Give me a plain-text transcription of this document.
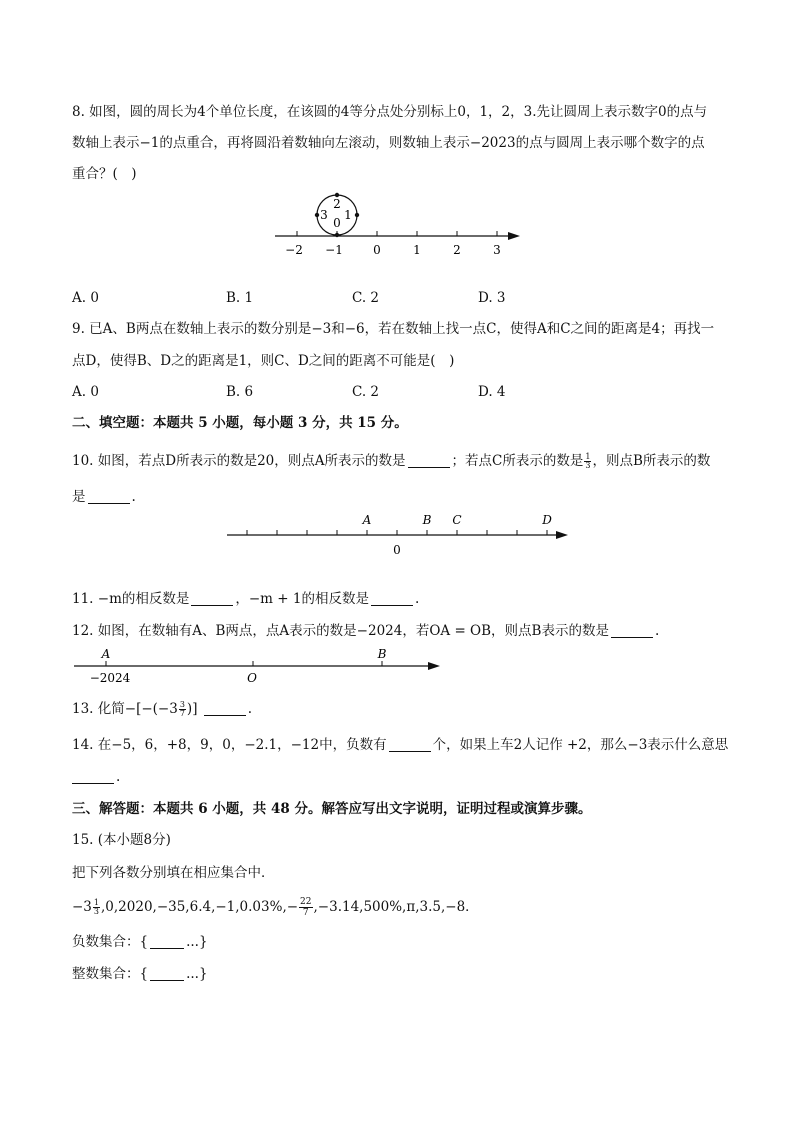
8. 如图，圆的周长为4个单位长度，在该圆的4等分点处分别标上0，1，2，3.先让圆周上表示数字0的点与
数轴上表示−1的点重合，再将圆沿着数轴向左滚动，则数轴上表示−2023的点与圆周上表示哪个数字的点
重合？(　)
2
1
0
3
−2 −1	0	1	2	3
A. 0	B. 1	C. 2	D. 3
9. 已A、B两点在数轴上表示的数分别是−3和−6，若在数轴上找一点C，使得A和C之间的距离是4；再找一
点D，使得B、D之的距离是1，则C、D之间的距离不可能是(　)
A. 0	B. 6	C. 2	D. 4
二、填空题：本题共 5 小题，每小题 3 分，共 15 分。
10. 如图，若点D所表示的数是20，则点A所表示的数是	；若点C所表示的数是 $\frac{1}{3}$ ，则点B所表示的数
是	.
A	B C	D
0
11. −m的相反数是	，−m + 1的相反数是	.
12. 如图，在数轴有A、B两点，点A表示的数是−2024，若OA = OB，则点B表示的数是	.
A	B
−2024	O
13. 化简$-[-(-3 \frac{3}{7}$ )]	.
14. 在−5，6，+8，9，0，−2.1，−12中，负数有	个，如果上车2人记作 +2，那么−3表示什么意思
.
三、解答题：本题共 6 小题，共 48 分。解答应写出文字说明，证明过程或演算步骤。
15. (本小题8分)
把下列各数分别填在相应集合中．
$-3 \frac{1}{3} ,0,2020,-35,6.4,-1,0.03\%,- \frac{22}{7} ,-3.14,500\%,\pi,3.5,-8$．
负数集合：{	...}
整数集合：{	...}
